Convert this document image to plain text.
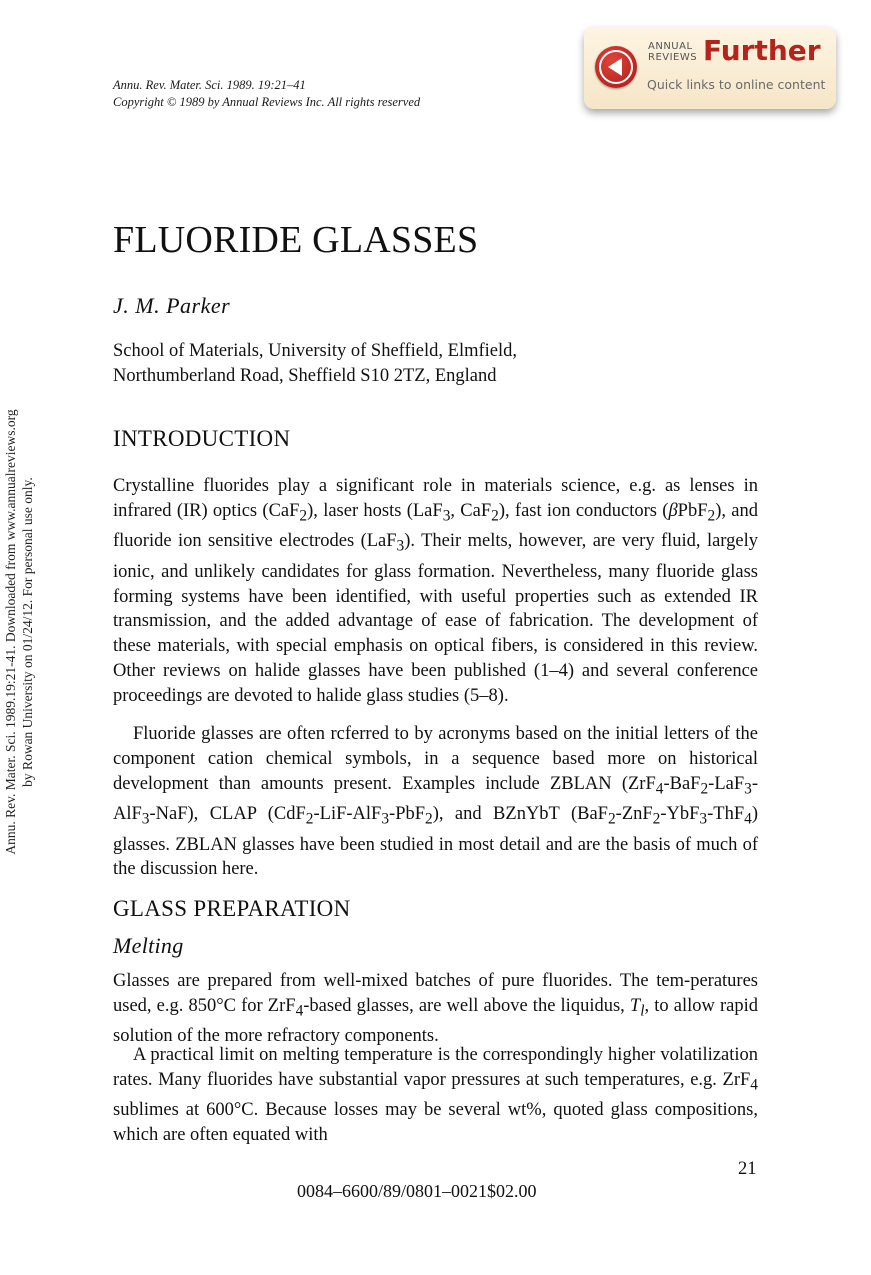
Annu. Rev. Mater. Sci. 1989. 19:21–41
Copyright © 1989 by Annual Reviews Inc. All rights reserved
ANNUAL
REVIEWS Further
Quick links to online content
Annu. Rev. Mater. Sci. 1989.19:21-41. Downloaded from www.annualreviews.org by Rowan University on 01/24/12. For personal use only.
FLUORIDE GLASSES
J. M. Parker
School of Materials, University of Sheffield, Elmfield,
Northumberland Road, Sheffield S10 2TZ, England
INTRODUCTION

Crystalline fluorides play a significant role in materials science, e.g. as lenses in infrared (IR) optics (CaF$_2$), laser hosts (LaF$_3$, CaF$_2$), fast ion conductors (βPbF$_2$), and fluoride ion sensitive electrodes (LaF$_3$). Their melts, however, are very fluid, largely ionic, and unlikely candidates for glass formation. Nevertheless, many fluoride glass forming systems have been identified, with useful properties such as extended IR transmission, and the added advantage of ease of fabrication. The development of these materials, with special emphasis on optical fibers, is considered in this review. Other reviews on halide glasses have been published (1–4) and several conference proceedings are devoted to halide glass studies (5–8).

Fluoride glasses are often rcferred to by acronyms based on the initial letters of the component cation chemical symbols, in a sequence based more on historical development than amounts present. Examples include ZBLAN (ZrF$_4$-BaF$_2$-LaF$_3$-AlF$_3$-NaF), CLAP (CdF$_2$-LiF-AlF$_3$-PbF$_2$), and BZnYbT (BaF$_2$-ZnF$_2$-YbF$_3$-ThF$_4$) glasses. ZBLAN glasses have been studied in most detail and are the basis of much of the discussion here.

GLASS PREPARATION
Melting

Glasses are prepared from well-mixed batches of pure fluorides. The tem-peratures used, e.g. 850°C for ZrF$_4$-based glasses, are well above the liquidus, $T_l$, to allow rapid solution of the more refractory components.

A practical limit on melting temperature is the correspondingly higher volatilization rates. Many fluorides have substantial vapor pressures at such temperatures, e.g. ZrF$_4$ sublimes at 600°C. Because losses may be several wt%, quoted glass compositions, which are often equated with

21
0084–6600/89/0801–0021$02.00
